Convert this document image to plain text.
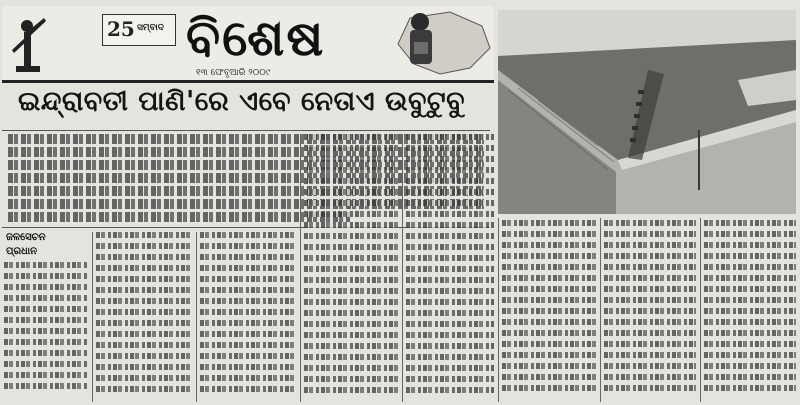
25 ସମ୍ବାଦ ବିଶେଷ
୧୩ ଫେବୃଆରି ୨୦୦୯
ଇନ୍ଦ୍ରାବତୀ ପାଣି'ରେ ଏବେ ନେତାଏ ଉବୁଟୁବୁ
ଜଳସେଚନ
ପ୍ରଧାନ
